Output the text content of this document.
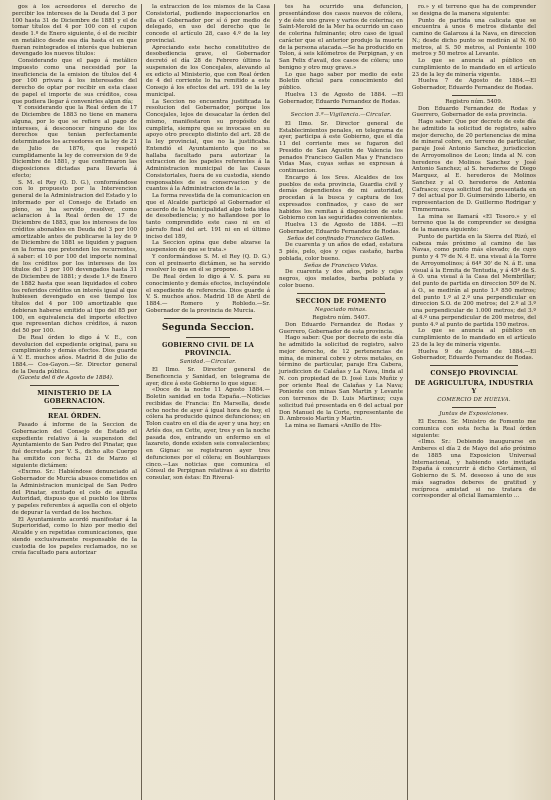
gos á los acreedores el derecho de percibir los intereses de la Deuda del 3 por 100 hasta 31 de Diciembre de 1881 y el de tomar títulos del 4 por 100 con el cupon desde 1.º de Enero siguiente, ó el de recibir en metálico desde esa día hasta el en que fueran reintegrados el interés que hubieran devengado los nuevos títulos:

Considerando que el pago á metálico impuesto como una necesidad por la insuficiencia de la emision de títulos del 4 por 100 privara á los interesados del derecho de optar por recibir en esta clase de papel el importe de sus créditos, cosa que pudiera llegar á convenirles algun día;

Y considerando que la Real órden de 17 de Diciembre de 1883 no tiene en manera alguna, por lo que se refiere al pago de intereses, á desconocer ninguno de los derechos que tenian perfectamente determinados los acreedores en la ley de 21 de Julio de 1876, que respetó cumplidamente la ley de conversion de 9 de Diciembre de 1881, y que confirmaron las disposiciones dictadas para llevarla á efecto;

S. M. el Rey (Q. D. G.), conformándose con lo propuesto por la Intervencion general de la Administracion del Estado y lo informado por el Consejo de Estado en pleno, se ha servido resolver, como aclaracion á la Real órden de 17 de Diciembre de 1883, que los intereses de los créditos abonables en Deuda del 3 por 100 amortizable antes de publicarse la ley de 9 de Diciembre de 1881 se liquiden y paguen en la forma que pretenden los recurrentes, á saber: el 10 por 100 del importe nominal de los créditos por los intereses de los títulos del 3 por 100 devengados hasta 31 de Diciembre de 1881; y desde 1.º de Enero de 1882 hasta que sean liquidados el cobro los referidos créditos un interés igual al que hubiesen devengado en ese tiempo los títulos del 4 por 100 amortizable que debieran haberse emitido al tipo del 85 por 100, en equivalencia del importe efectivo que representan dichos créditos, á razon del 50 por 100.

De Real órden lo digo á V. E., con devolucion del expediente original, para su cumplimiento y demás efectos. Dios guarde á V. E. muchos años. Madrid 8 de Julio de 1884.— Cos-Gayon.—Sr. Director general de la Deuda pública.

(Gaceta del 6 de Agosto de 1884).

MINISTERIO DE LA GOBERNACION.
REAL ÓRDEN.

Pasado á informe de la Seccion de Gobernacion del Consejo de Estado el expediente relativo á la suspension del Ayuntamiento de San Pedro del Pinatar, que fué decretada por V. S., dicho alto Cuerpo ha emitido con fecha 21 de Marzo el siguiente dictámen:

«Excmo. Sr.: Habiéndose denunciado al Gobernador de Murcia abusos cometidos en la Administracion municipal de San Pedro del Pinatar, excitado el celo de aquella Autoridad, dispuso que el pueblo los libros y papeles referentes á aquella con el objeto de depurar la verdad de los hechos.

El Ayuntamiento acordó manifestar á la Superioridad, como lo hizo por medio del Alcalde y en repetidas comunicaciones, que siendo exclusivamente responsable de la custodia de los papeles reclamados, no se creía facultado para autorizar

la extraccion de los mismos de la Casa Consistorial, pudiendo inspeccionarlos en ella el Gobernador por sí ó por medio de delegado, en uso del derecho que le concede el artículo 28, caso 4.º de la ley provincial.

Apreciando este hecho constitutivo de desobediencia grave, el Gobernador decretó el día 28 de Febrero último la suspension de los Concejales, alevando al ex edicto al Ministerio, que con Real órden de 4 del corriente lo ha remitido a este Consejo á los efectos del art. 191 de la ley municipal.

La Seccion no encuentra justificada la resolucion del Gobernador, porque los Concejales, lejos de desacatar la órden del mismo, manifestaron su propósito de cumplirla, siempre que se invocase en su apoyo otro precepto distinto del art. 28 de la ley provincial, que no la justificaba. Entendió el Ayuntamiento que no se hallaba facultado para autorizar la extraccion de los papeles referentes á la Administracion municipal de las Casas Consistoriales, fuera de su custodia, siendo responsables de su conservacion y de cuantos á la Administracion de la ...

La forma revestida de la comunicacion en que el Alcalde participó al Gobernador el acuerdo de la Municipalidad algo toda idea de desobediencia; y no hallandose por lo tanto comprendido este caso ni en el párrafo final del art. 191 ni en el último inciso del 189,

La Seccion opina que debe alzarse la suspension de que se trata.»

Y conformándose S. M. el Rey (Q. D. G.) con el preinserto dictámen, se ha servido resolver lo que en él se propone.

De Real órden lo digo á V. S. para su conocimiento y demás efectos, incluyéndole el expediente de referencia. Dios guarde á V. S. muchos años. Madrid 18 de Abril de 1884.— Romero y Robledo.—Sr. Gobernador de la provincia de Murcia.

Segunda Seccion.
GOBIERNO CIVIL DE LA PROVINCIA.
Sanidad.—Circular.

El Ilmo. Sr. Director general de Beneficencia y Sanidad, en telegrama de ayer, dice á este Gobierno lo que sigue:

«Doce de la noche 11 Agosto 1884.—Boletin sanidad en toda España.—Noticias recibidas de Francia: En Marsella, desde ocho noche de ayer á igual hora de hoy, el cólera ha producido quince defunciones; en Tolon cuatro en el día de ayer y una hoy; en Arlés dos, en Cette, ayer, tres y en la noche pasada dos, entrando un enfermo en el lazareto, donde existen seis convalecientes; en Gignac se registraron ayer tres defunciones por el cólera; en Bouhlarques cinco.—Las noticias que comunica el Cónsul de Perpignan relativas á su distrito consular, son éstas: En Riveral-

tes ha ocurrido una defuncion, presentándose dos casos nuevos de cólera, y de éste uno grave y varios de colerina; en Saint-Merold de la Mer ha ocurrido un caso de colerina fulminante; otro caso de igual carácter que el anterior produjo la muerte de la persona atacada.—Se ha producido en Tolon, á seis kilómetros de Perpignan, y en San Felix d'avail, dos casos de cólera; uno benigno y otro muy grave.»

Lo que hago saber por medio de este Boletín oficial para conocimiento del público.

Huelva 13 de Agosto de 1884. —El Gobernador, Eduardo Fernandez de Rodas.

Seccion 3.ª—Vigilancia.—Circular.

El Ilmo. Sr. Director general de Establecimientos penales, en telegrama de ayer, participa á este Gobierno, que el día 11 del corriente mes se fugaron del Presidio de San Agustin de Valencia los penados Francisco Gallen Mas y Francisco Vidas Mas, cuyas señas se expresan á continuacion.

Encargo á los Sres. Alcaldes de los pueblos de esta provincia, Guardia civil y demás dependientes de mi autoridad, procedan á la busca y captura de los expresados confinados, y caso de ser habidos los remitan á disposicion de este Gobierno con las seguridades convenientes.

Huelva 13 de Agosto de 1884. —El Gobernador, Eduardo Fernandez de Rodas.

Señas del confinado Francisco Gallen.

De cuarenta y un años de edad, estatura 5 piés, pelo, ojos y cejas castaño, barba poblada, color bueno.

Señas de Francisco Vidas.

De cuarenta y dos años, pelo y cejas negros, ojos melados, barba poblada y color bueno.

SECCION DE FOMENTO
Negociado minas.

Registro núm. 5407.

Don Eduardo Fernandez de Rodas y Guerrero, Gobernador de esta provincia.

Hago saber: Que por decreto de este día he admitido la solicitud de registro, salvo mejor derecho, de 12 pertenencias de mina, de mineral cobre y otros metales, en término de particular, paraje Era Cabera, jurisdiccion de Calañas y La Nava, linda al N. con propiedad de D. José Luis Muñiz y por oriente Real de Calañas y La Nava; Poniente con minas San Martin y Levante con terrenos de D. Luis Martinez; cuya solicitud fué presentada en 6 del actual por Don Manuel de la Corte, representante de D. Ambrosio Martin y Martin.

La mina se llamará «Anillo de His-

ro.» y el terreno que ha de comprender se designa de la manera siguiente:

Punto de partida una calicata que se encuentra á unos 6 metros distante del camino de Galaroza á la Nava, en direccion N.; desde dicho punto se medirán al N. 60 metros, al S. 50 metros, al Poniente 100 metros y 50 metros al Levante.

Lo que se anuncia al público en cumplimiento de lo mandado en el artículo 23 de la ley de minería vigente.

Huelva 7 de Agosto de 1884.—El Gobernador, Eduardo Fernandez de Rodas.

Registro núm. 5409.

Don Eduardo Fernandez de Rodas y Guerrero, Gobernador de esta provincia.

Hago saber: Que por decreto de este día he admitido la solicitud de registro, salvo mejor derecho, de 20 pertenencias de mina de mineral cobre, en terreno de particular, paraje José Antonio Sanchez, jurisdiccion de Arroyomolinos de Leon; linda al N. con herederos de Molinos Sanchez y José Antonio Sanchez; al S. herederos de Diego Marquez, al E. herederos de Molinos Sanchez y al O. herederos de Antonia Cafrasco; cuya solicitud fué presentada en 7 del actual por D. Guimersindo Liberio, en representacion de D. Guillermo Rodrigar y Timmermans.

La mina se llamará «El Tesoro.» y el terreno que la de comprender se designa de la manera siguiente:

Punto de partida en la Sierra del Rizó, el cabeza más próximo al camino de las Navas, como punto más elevado; de cuyo punto y 4 7º de N. 4 E. una visual á la Torre de Arroyomolinos; á 64º 30' de N. á E. una visual á la Ermita de Tentudia, y á 45º de S. á O. una visual á la Casa del Membrillar; del punto de partida en direccion 50º de N. á O., se medirán al punto 1.º 850 metros; del punto 1.º al 2.º una perpendicular en direccion S.O. de 200 metros; del 2.º al 3.º una perpendicular de 1.000 metros; del 3.º al 4.º una perpendicular de 200 metros, del punto 4.º al punto de partida 150 metros.

Lo que se anuncia al público en cumplimiento de lo mandado en el artículo 23 de la ley de minería vigente.

Huelva 9 de Agosto de 1884.—El Gobernador, Eduardo Fernandez de Rodas.

CONSEJO PROVINCIAL
DE AGRICULTURA, INDUSTRIA Y
COMERCIO DE HUELVA.
Juntas de Exposiciones.

El Excmo. Sr. Ministro de Fomento me comunica con esta fecha la Real órden siguiente:

«Ilmo. Sr.: Debiendo inaugurarse en Amberes el día 2 de Mayo del año próximo de 1885 una Exposicion Universal Internacional, y habiendo sido invitada España á concurrir á dicho Certámen, el Gobierno de S. M. deseoso á uno de sus más sagrados deberes de gratitud y recíproca amistad si no tratara de corresponder al oficial llamamiento ...
